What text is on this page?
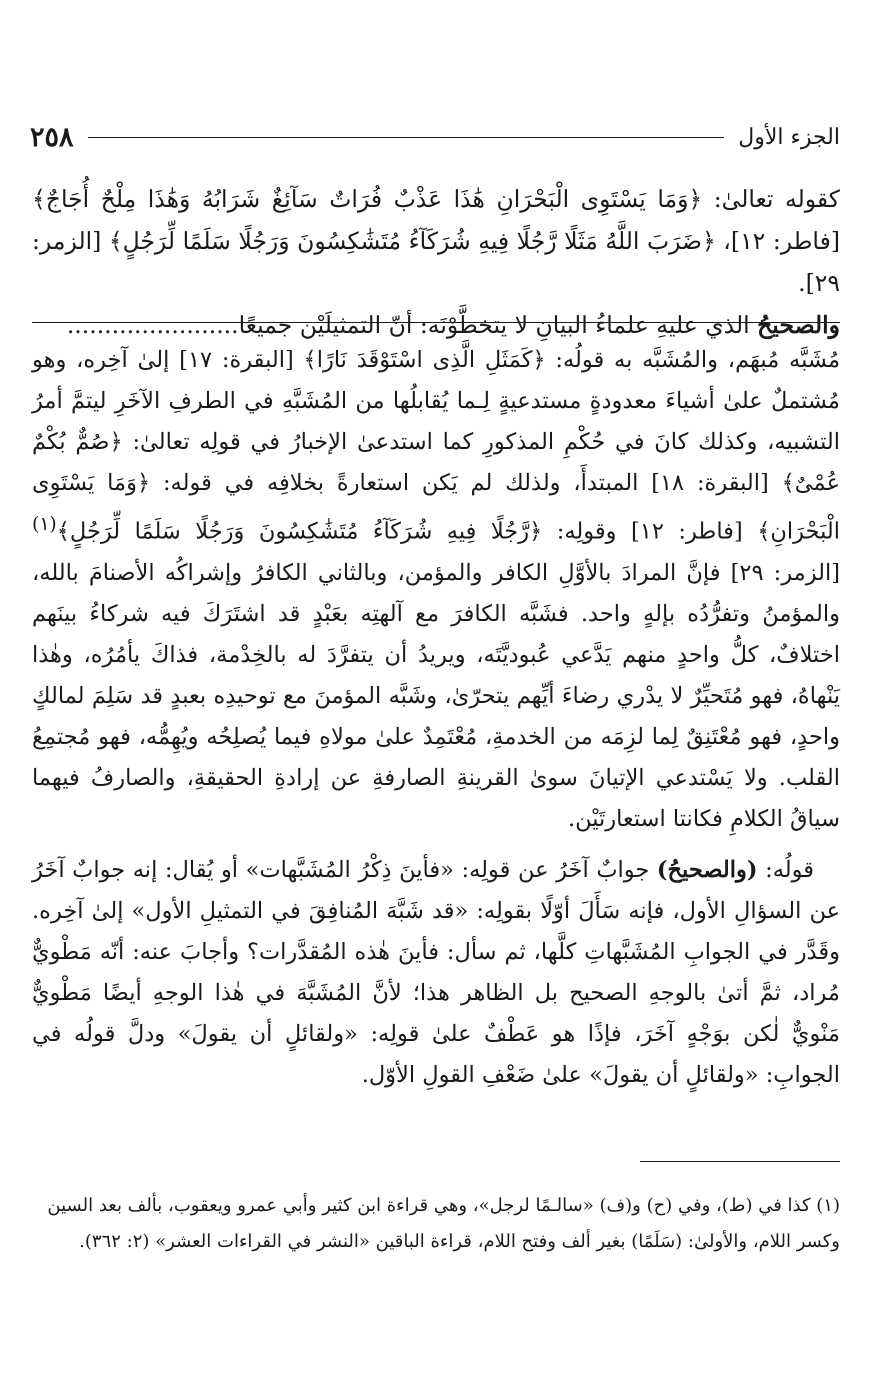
الجزء الأول
٢٥٨

كقوله تعالىٰ: ﴿وَمَا يَسْتَوِى الْبَحْرَانِ هَٰذَا عَذْبٌ فُرَاتٌ سَآئِغٌ شَرَابُهُ وَهَٰذَا مِلْحٌ أُجَاجٌ﴾ [فاطر: ١٢]، ﴿ضَرَبَ اللَّهُ مَثَلًا رَّجُلًا فِيهِ شُرَكَآءُ مُتَشَٰكِسُونَ وَرَجُلًا سَلَمًا لِّرَجُلٍ﴾ [الزمر: ٢٩].
والصحيحُ الذي عليهِ علماءُ البيانِ لا يتخطَّوْنَه: أنّ التمثيلَيْن جميعًا.......................

مُشَبَّه مُبهَم، والمُشَبَّه به قولُه: ﴿كَمَثَلِ الَّذِى اسْتَوْقَدَ نَارًا﴾ [البقرة: ١٧] إلىٰ آخِره، وهو مُشتملٌ علىٰ أشياءَ معدودةٍ مستدعيةٍ لِـما يُقابلُها من المُشَبَّهِ في الطرفِ الآخَرِ ليتمَّ أمرُ التشبيه، وكذلك كانَ في حُكْمِ المذكورِ كما استدعىٰ الإخبارُ في قولِه تعالىٰ: ﴿صُمٌّ بُكْمٌ عُمْىٌ﴾ [البقرة: ١٨] المبتدأَ، ولذلك لم يَكن استعارةً بخلافِه في قوله: ﴿وَمَا يَسْتَوِى الْبَحْرَانِ﴾ [فاطر: ١٢] وقولِه: ﴿رَّجُلًا فِيهِ شُرَكَآءُ مُتَشَٰكِسُونَ وَرَجُلًا سَلَمًا لِّرَجُلٍ﴾$^{(١)}$ [الزمر: ٢٩] فإنَّ المرادَ بالأوَّلِ الكافر والمؤمن، وبالثاني الكافرُ وإشراكُه الأصنامَ بالله، والمؤمنُ وتفرُّدُه بإلهٍ واحد. فشَبَّه الكافرَ مع آلهتِه بعَبْدٍ قد اشتَرَكَ فيه شركاءُ بينَهم اختلافٌ، كلُّ واحدٍ منهم يَدَّعي عُبوديَّتَه، ويريدُ أن يتفرَّدَ له بالخِدْمة، فذاكَ يأمُرُه، وهٰذا يَنْهاهُ، فهو مُتَحيِّرٌ لا يدْري رضاءَ أيِّهم يتحرّىٰ، وشَبَّه المؤمنَ مع توحيدِه بعبدٍ قد سَلِمَ لمالكٍ واحدٍ، فهو مُعْتَنِقٌ لِما لزِمَه من الخدمةِ، مُعْتَمِدٌ علىٰ مولاهِ فيما يُصلِحُه ويُهِمُّه، فهو مُجتمِعُ القلب. ولا يَسْتدعي الإتيانَ سوىٰ القرينةِ الصارفةِ عن إرادةِ الحقيقةِ، والصارفُ فيهما سياقُ الكلامِ فكانتا استعارتَيْن.

قولُه: (والصحيحُ) جوابٌ آخَرُ عن قولِه: «فأينَ ذِكْرُ المُشَبَّهات» أو يُقال: إنه جوابٌ آخَرُ عن السؤالِ الأول، فإنه سَأَلَ أوّلًا بقولِه: «قد شَبَّهَ المُنافِقَ في التمثيلِ الأول» إلىٰ آخِره. وقَدَّر في الجوابِ المُشَبَّهاتِ كلَّها، ثم سأل: فأينَ هٰذه المُقدَّرات؟ وأجابَ عنه: أنّه مَطْويٌّ مُراد، ثمَّ أتىٰ بالوجهِ الصحيح بل الظاهر هذا؛ لأنَّ المُشَبَّهَ في هٰذا الوجهِ أيضًا مَطْويٌّ مَنْويٌّ لٰكن بوَجْهٍ آخَرَ، فإذًا هو عَطْفٌ علىٰ قولِه: «ولقائلٍ أن يقولَ» ودلَّ قولُه في الجوابِ: «ولقائلٍ أن يقولَ» علىٰ ضَعْفِ القولِ الأوّل.

(١) كذا في (ط)، وفي (ح) و(ف) «سالـمًا لرجل»، وهي قراءة ابن كثير وأبي عمرو ويعقوب، بألف بعد السين

وكسر اللام، والأولىٰ: (سَلَمًا) بغير ألف وفتح اللام، قراءة الباقين «النشر في القراءات العشر» (٢: ٣٦٢).
